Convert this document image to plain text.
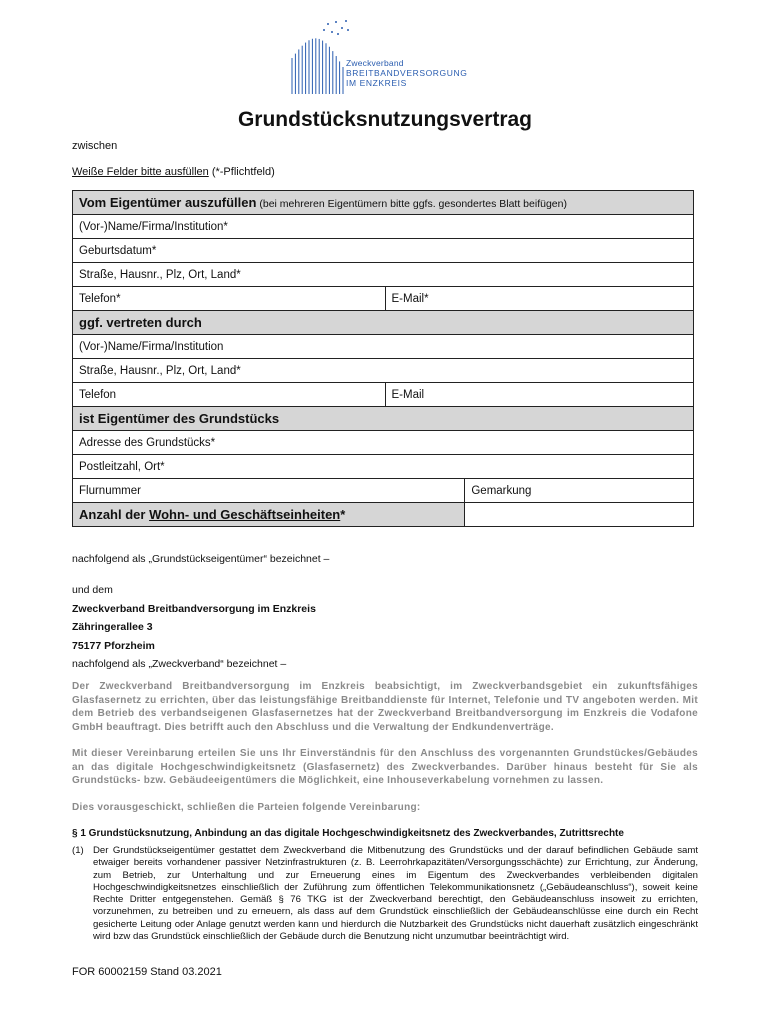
Zweckverband
BREITBANDVERSORGUNG
IM ENZKREIS
Grundstücksnutzungsvertrag
zwischen
Weiße Felder bitte ausfüllen (*-Pflichtfeld)
Vom Eigentümer auszufüllen (bei mehreren Eigentümern bitte ggfs. gesondertes Blatt beifügen)		
(Vor-)Name/Firma/Institution*		
Geburtsdatum*		
Straße, Hausnr., Plz, Ort, Land*		
Telefon*	E-Mail*	
ggf. vertreten durch		
(Vor-)Name/Firma/Institution		
Straße, Hausnr., Plz, Ort, Land*		
Telefon	E-Mail	
ist Eigentümer des Grundstücks		
Adresse des Grundstücks*		
Postleitzahl, Ort*		
Flurnummer		Gemarkung
Anzahl der Wohn- und Geschäftseinheiten*		
nachfolgend als „Grundstückseigentümer“ bezeichnet –
und dem
Zweckverband Breitbandversorgung im Enzkreis
Zähringerallee 3
75177 Pforzheim
nachfolgend als „Zweckverband“ bezeichnet –
Der Zweckverband Breitbandversorgung im Enzkreis beabsichtigt, im Zweckverbandsgebiet ein zukunftsfähiges Glasfasernetz zu errichten, über das leistungsfähige Breitbanddienste für Internet, Telefonie und TV angeboten werden. Mit dem Betrieb des verbandseigenen Glasfasernetzes hat der Zweckverband Breitbandversorgung im Enzkreis die Vodafone GmbH beauftragt. Dies betrifft auch den Abschluss und die Verwaltung der Endkundenverträge.
Mit dieser Vereinbarung erteilen Sie uns Ihr Einverständnis für den Anschluss des vorgenannten Grundstückes/Gebäudes an das digitale Hochgeschwindigkeitsnetz (Glasfasernetz) des Zweckverbandes. Darüber hinaus besteht für Sie als Grundstücks- bzw. Gebäudeeigentümers die Möglichkeit, eine Inhouseverkabelung vornehmen zu lassen.
Dies vorausgeschickt, schließen die Parteien folgende Vereinbarung:
§ 1 Grundstücksnutzung, Anbindung an das digitale Hochgeschwindigkeitsnetz des Zweckverbandes, Zutrittsrechte
(1) Der Grundstückseigentümer gestattet dem Zweckverband die Mitbenutzung des Grundstücks und der darauf befindlichen Gebäude samt etwaiger bereits vorhandener passiver Netzinfrastrukturen (z. B. Leerrohrkapazitäten/Versorgungsschächte) zur Errichtung, zur Änderung, zum Betrieb, zur Unterhaltung und zur Erneuerung eines im Eigentum des Zweckverbandes verbleibenden digitalen Hochgeschwindigkeitsnetzes einschließlich der Zuführung zum öffentlichen Telekommunikationsnetz („Gebäudeanschluss“), soweit keine Rechte Dritter entgegenstehen. Gemäß § 76 TKG ist der Zweckverband berechtigt, den Gebäudeanschluss insoweit zu errichten, vorzunehmen, zu betreiben und zu erneuern, als dass auf dem Grundstück einschließlich der Gebäudeanschlüsse eine durch ein Recht gesicherte Leitung oder Anlage genutzt werden kann und hierdurch die Nutzbarkeit des Grundstücks nicht dauerhaft zusätzlich eingeschränkt wird bzw das Grundstück einschließlich der Gebäude durch die Benutzung nicht unzumutbar beeinträchtigt wird.
FOR 60002159 Stand 03.2021
